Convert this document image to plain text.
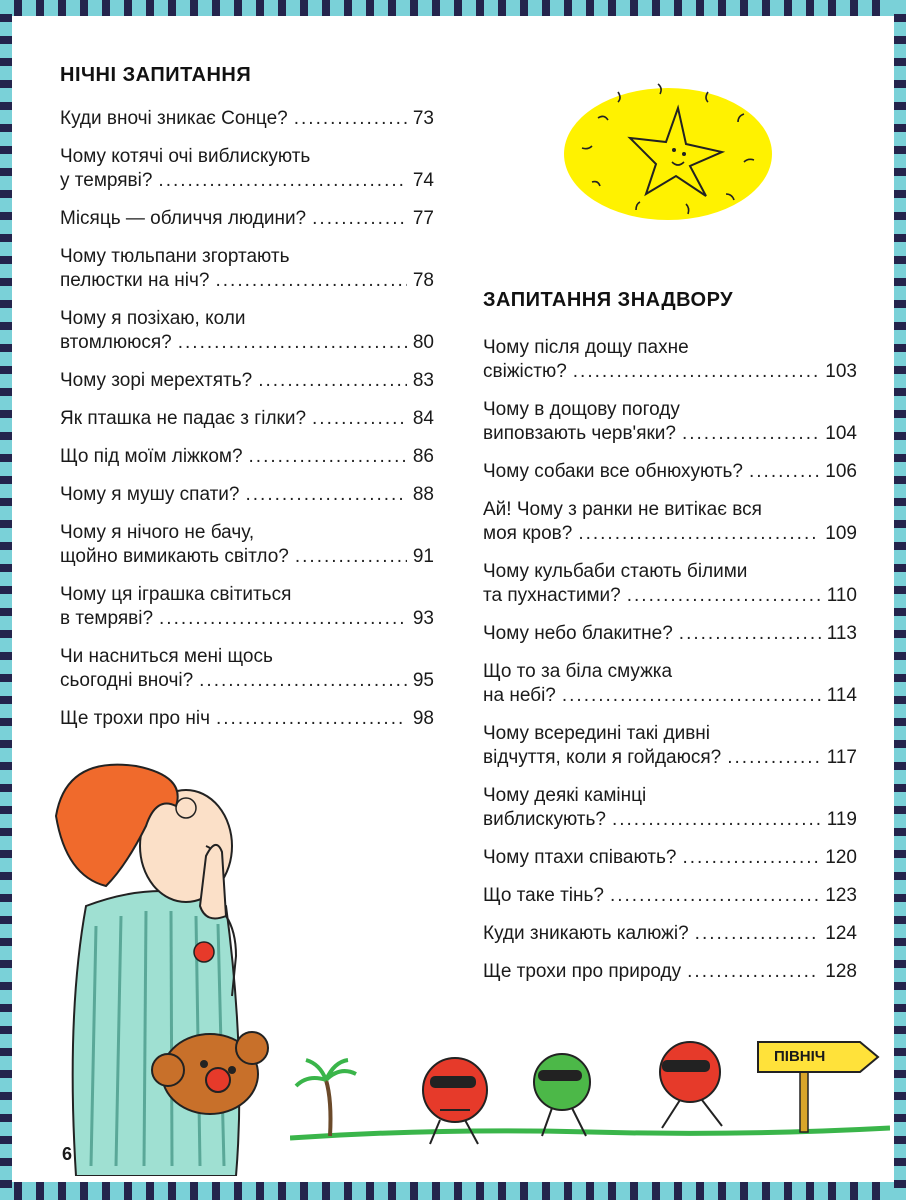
НІЧНІ ЗАПИТАННЯ
Куди вночі зникає Сонце? .....	73
Чому котячі очі виблискують
у темряві? .....	74
Місяць — обличчя людини? .....	77
Чому тюльпани згортають
пелюстки на ніч? .....	78
Чому я позіхаю, коли
втомлююся? .....	80
Чому зорі мерехтять? .....	83
Як пташка не падає з гілки? .....	84
Що під моїм ліжком? .....	86
Чому я мушу спати? .....	88
Чому я нічого не бачу,
щойно вимикають світло? .....	91
Чому ця іграшка світиться
в темряві? .....	93
Чи насниться мені щось
сьогодні вночі? .....	95
Ще трохи про ніч .....	98
ЗАПИТАННЯ ЗНАДВОРУ
Чому після дощу пахне
свіжістю? .....	103
Чому в дощову погоду
виповзають черв'яки? .....	104
Чому собаки все обнюхують? .....	106
Ай! Чому з ранки не витікає вся
моя кров? .....	109
Чому кульбаби стають білими
та пухнастими? .....	110
Чому небо блакитне? .....	113
Що то за біла смужка
на небі? .....	114
Чому всередині такі дивні
відчуття, коли я гойдаюся? .....	117
Чому деякі камінці
виблискують? .....	119
Чому птахи співають? .....	120
Що таке тінь? .....	123
Куди зникають калюжі? .....	124
Ще трохи про природу .....	128
ПІВНІЧ
6
